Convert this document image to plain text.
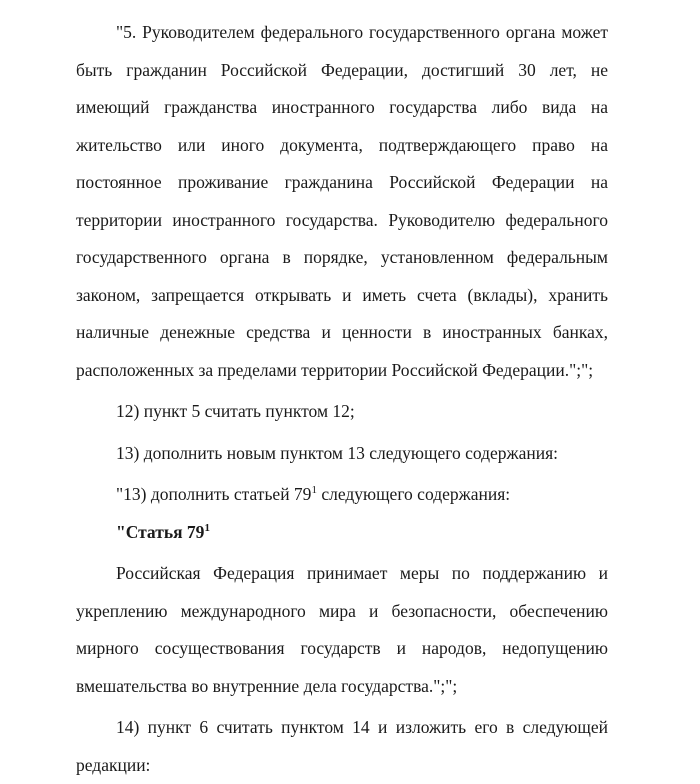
"5. Руководителем федерального государственного органа может быть гражданин Российской Федерации, достигший 30 лет, не имеющий гражданства иностранного государства либо вида на жительство или иного документа, подтверждающего право на постоянное проживание гражданина Российской Федерации на территории иностранного государства. Руководителю федерального государственного органа в порядке, установленном федеральным законом, запрещается открывать и иметь счета (вклады), хранить наличные денежные средства и ценности в иностранных банках, расположенных за пределами территории Российской Федерации.";";

12) пункт 5 считать пунктом 12;

13) дополнить новым пунктом 13 следующего содержания:

"13) дополнить статьей $79^1$ следующего содержания:

"Статья $79^1$

Российская Федерация принимает меры по поддержанию и укреплению международного мира и безопасности, обеспечению мирного сосуществования государств и народов, недопущению вмешательства во внутренние дела государства.";";

14) пункт 6 считать пунктом 14 и изложить его в следующей редакции:
